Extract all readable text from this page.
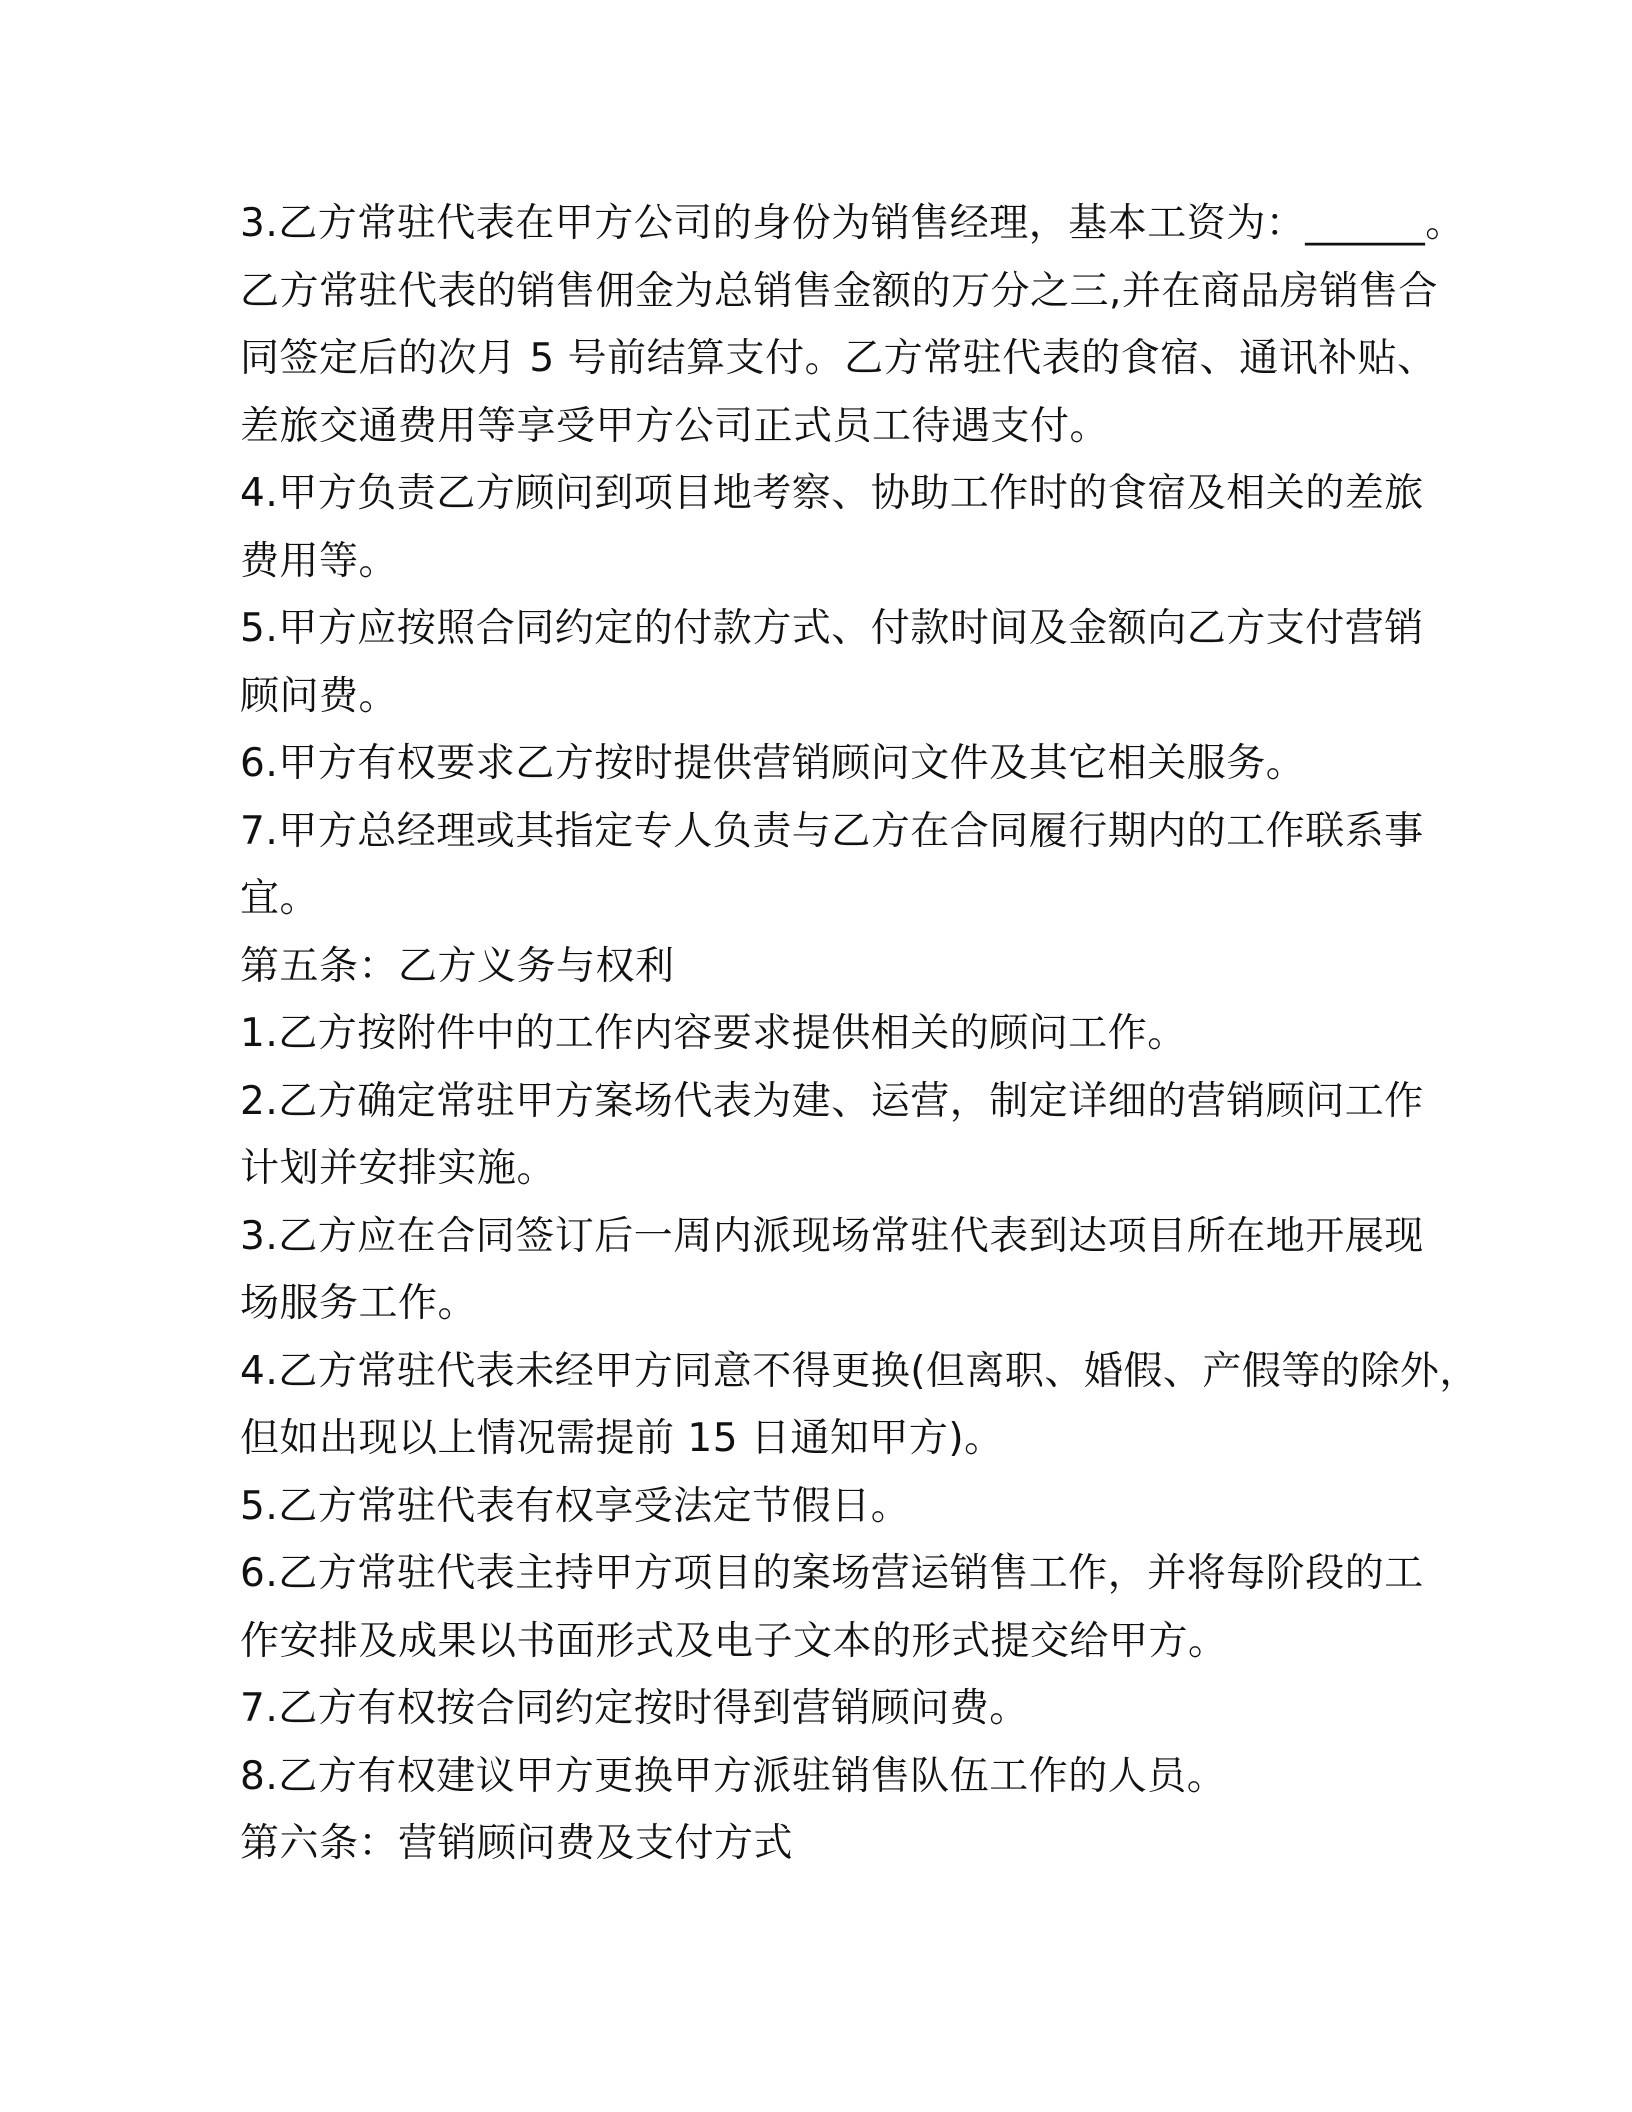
3.乙方常驻代表在甲方公司的身份为销售经理，基本工资为：______。
乙方常驻代表的销售佣金为总销售金额的万分之三,并在商品房销售合
同签定后的次月 5 号前结算支付。乙方常驻代表的食宿、通讯补贴、
差旅交通费用等享受甲方公司正式员工待遇支付。
4.甲方负责乙方顾问到项目地考察、协助工作时的食宿及相关的差旅
费用等。
5.甲方应按照合同约定的付款方式、付款时间及金额向乙方支付营销
顾问费。
6.甲方有权要求乙方按时提供营销顾问文件及其它相关服务。
7.甲方总经理或其指定专人负责与乙方在合同履行期内的工作联系事
宜。
第五条：乙方义务与权利
1.乙方按附件中的工作内容要求提供相关的顾问工作。
2.乙方确定常驻甲方案场代表为建、运营，制定详细的营销顾问工作
计划并安排实施。
3.乙方应在合同签订后一周内派现场常驻代表到达项目所在地开展现
场服务工作。
4.乙方常驻代表未经甲方同意不得更换(但离职、婚假、产假等的除外，
但如出现以上情况需提前 15 日通知甲方)。
5.乙方常驻代表有权享受法定节假日。
6.乙方常驻代表主持甲方项目的案场营运销售工作，并将每阶段的工
作安排及成果以书面形式及电子文本的形式提交给甲方。
7.乙方有权按合同约定按时得到营销顾问费。
8.乙方有权建议甲方更换甲方派驻销售队伍工作的人员。
第六条：营销顾问费及支付方式
